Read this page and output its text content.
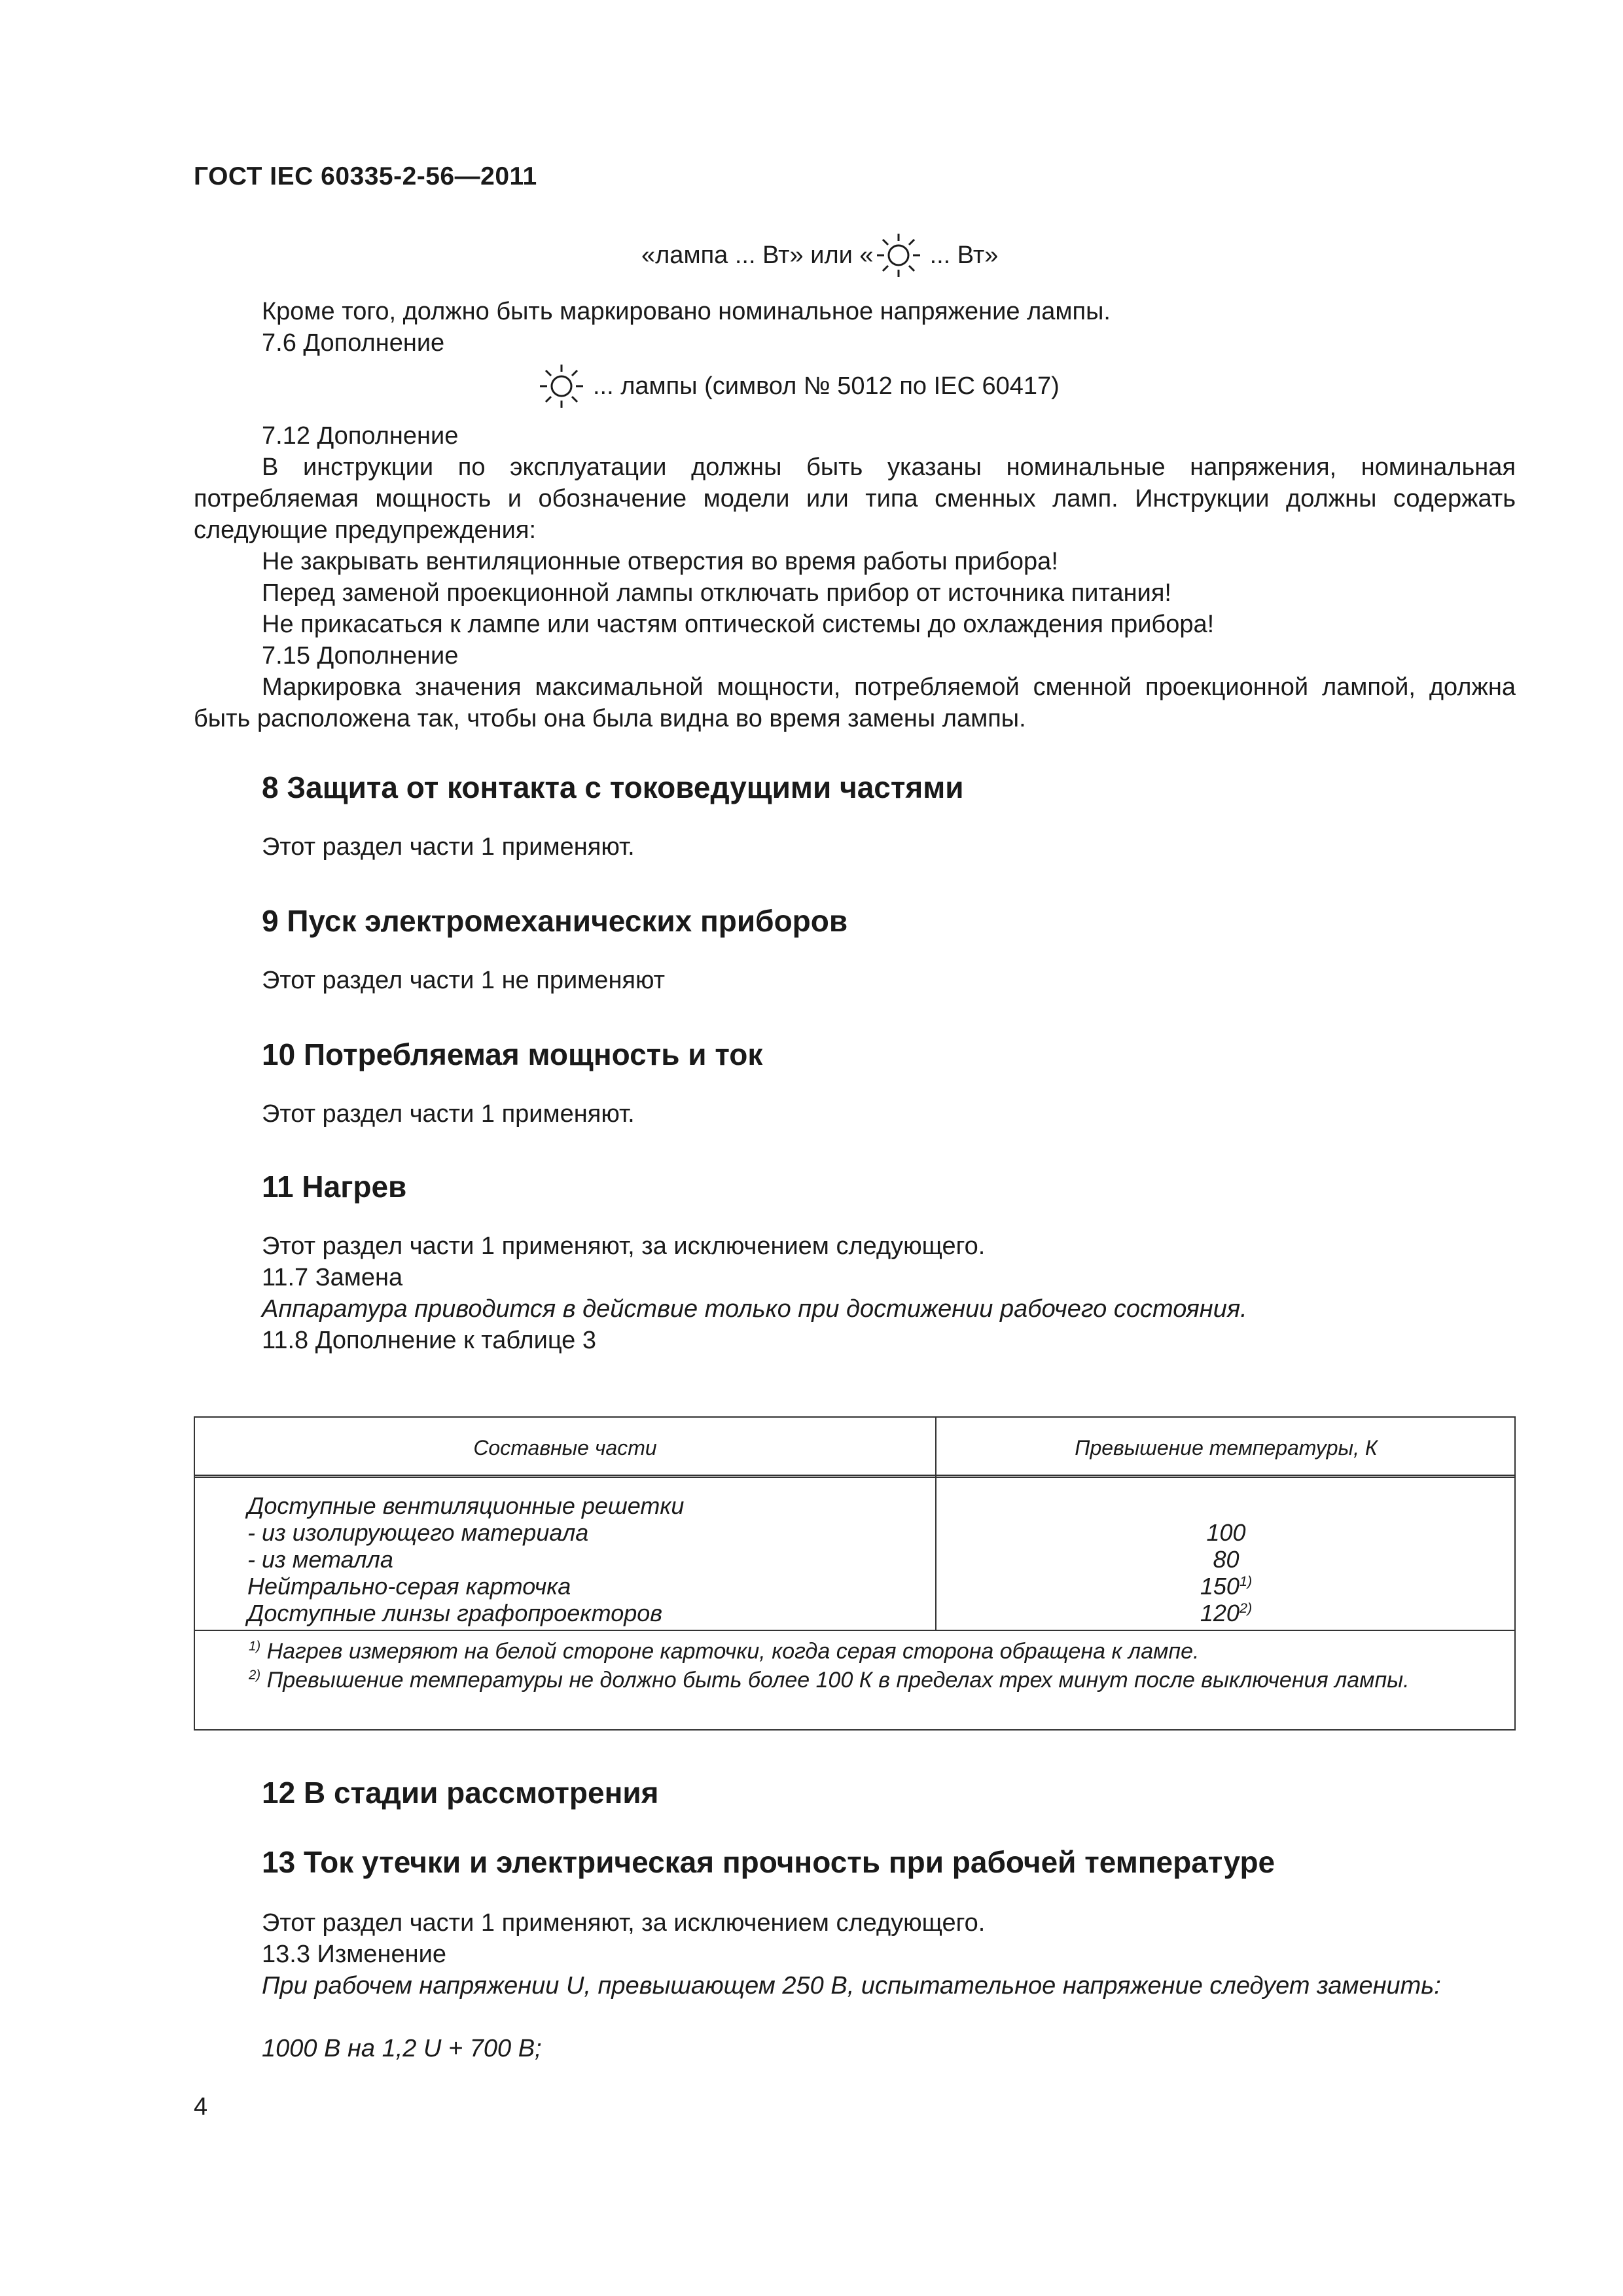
ГОСТ IEC 60335-2-56—2011
«лампа ... Вт» или « ... Вт»
Кроме того, должно быть маркировано номинальное напряжение лампы.
7.6 Дополнение
... лампы (символ № 5012 по IEC 60417)
7.12 Дополнение
В инструкции по эксплуатации должны быть указаны номинальные напряжения, номинальная потребляемая мощность и обозначение модели или типа сменных ламп. Инструкции должны содержать следующие предупреждения:
Не закрывать вентиляционные отверстия во время работы прибора!
Перед заменой проекционной лампы отключать прибор от источника питания!
Не прикасаться к лампе или частям оптической системы до охлаждения прибора!
7.15 Дополнение
Маркировка значения максимальной мощности, потребляемой сменной проекционной лампой, должна быть расположена так, чтобы она была видна во время замены лампы.
8 Защита от контакта с токоведущими частями
Этот раздел части 1 применяют.
9 Пуск электромеханических приборов
Этот раздел части 1 не применяют
10 Потребляемая мощность и ток
Этот раздел части 1 применяют.
11 Нагрев
Этот раздел части 1 применяют, за исключением следующего.
11.7 Замена
Аппаратура приводится в действие только при достижении рабочего состояния.
11.8 Дополнение к таблице 3
Составные части	Превышение температуры, К
Доступные вентиляционные решетки
- из изолирующего материала	100
- из металла	80
Нейтрально-серая карточка	150$^{1)}$
Доступные линзы графопроекторов	120$^{2)}$
$^{1)}$ Нагрев измеряют на белой стороне карточки, когда серая сторона обращена к лампе.
$^{2)}$ Превышение температуры не должно быть более 100 К в пределах трех минут после выключения лампы.
12 В стадии рассмотрения
13 Ток утечки и электрическая прочность при рабочей температуре
Этот раздел части 1 применяют, за исключением следующего.
13.3 Изменение
При рабочем напряжении U, превышающем 250 В, испытательное напряжение следует заменить:
1000 В на 1,2 U + 700 В;
4
